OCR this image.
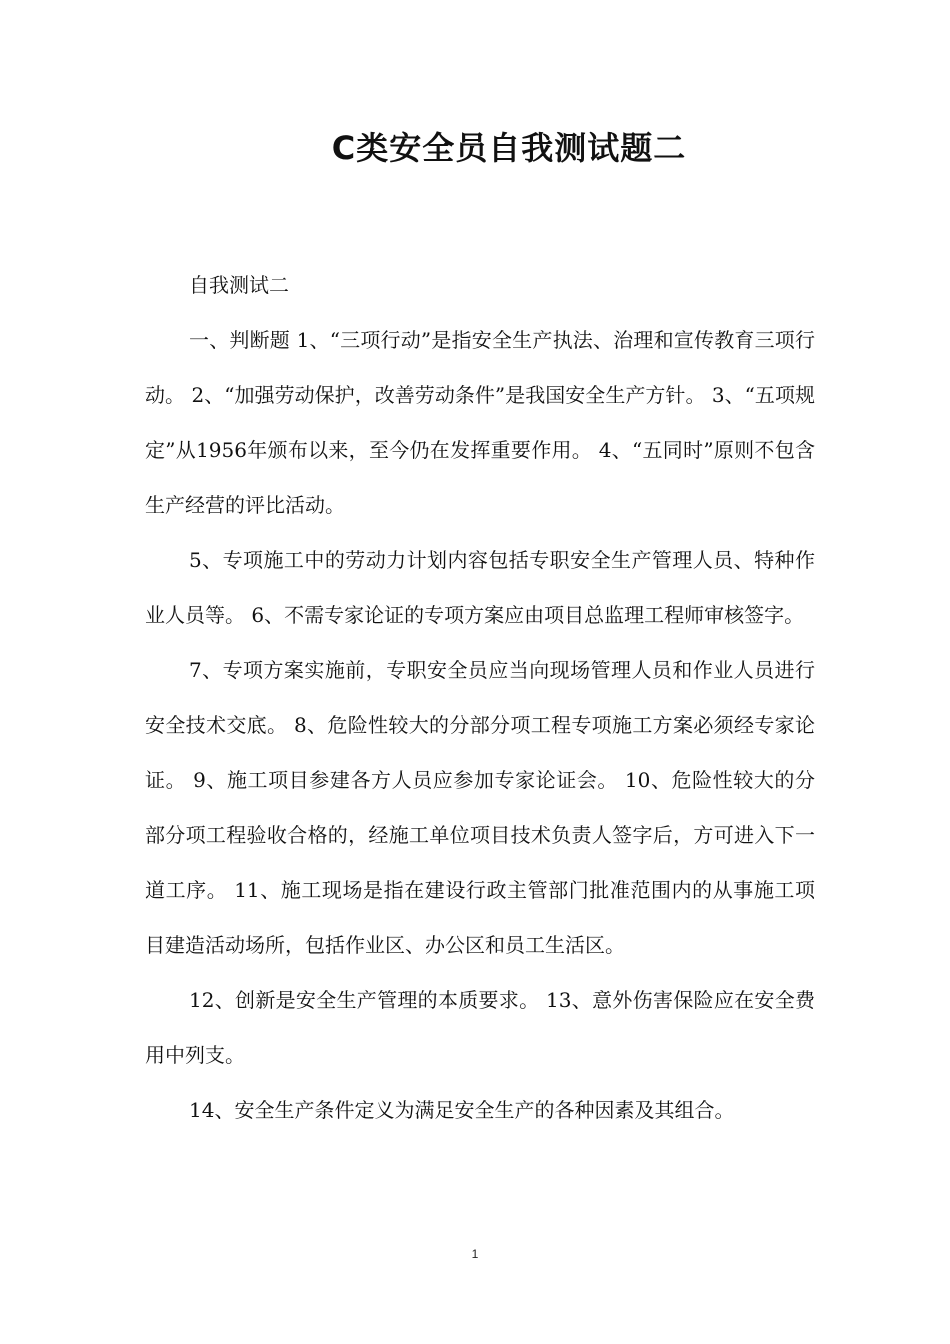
C类安全员自我测试题二

自我测试二

一、判断题 1、“三项行动”是指安全生产执法、治理和宣传教育三项行动。 2、“加强劳动保护，改善劳动条件”是我国安全生产方针。 3、“五项规定”从1956年颁布以来，至今仍在发挥重要作用。 4、“五同时”原则不包含生产经营的评比活动。

5、专项施工中的劳动力计划内容包括专职安全生产管理人员、特种作业人员等。 6、不需专家论证的专项方案应由项目总监理工程师审核签字。

7、专项方案实施前，专职安全员应当向现场管理人员和作业人员进行安全技术交底。 8、危险性较大的分部分项工程专项施工方案必须经专家论证。 9、施工项目参建各方人员应参加专家论证会。 10、危险性较大的分部分项工程验收合格的，经施工单位项目技术负责人签字后，方可进入下一道工序。 11、施工现场是指在建设行政主管部门批准范围内的从事施工项目建造活动场所，包括作业区、办公区和员工生活区。

12、创新是安全生产管理的本质要求。 13、意外伤害保险应在安全费用中列支。

14、安全生产条件定义为满足安全生产的各种因素及其组合。

1
